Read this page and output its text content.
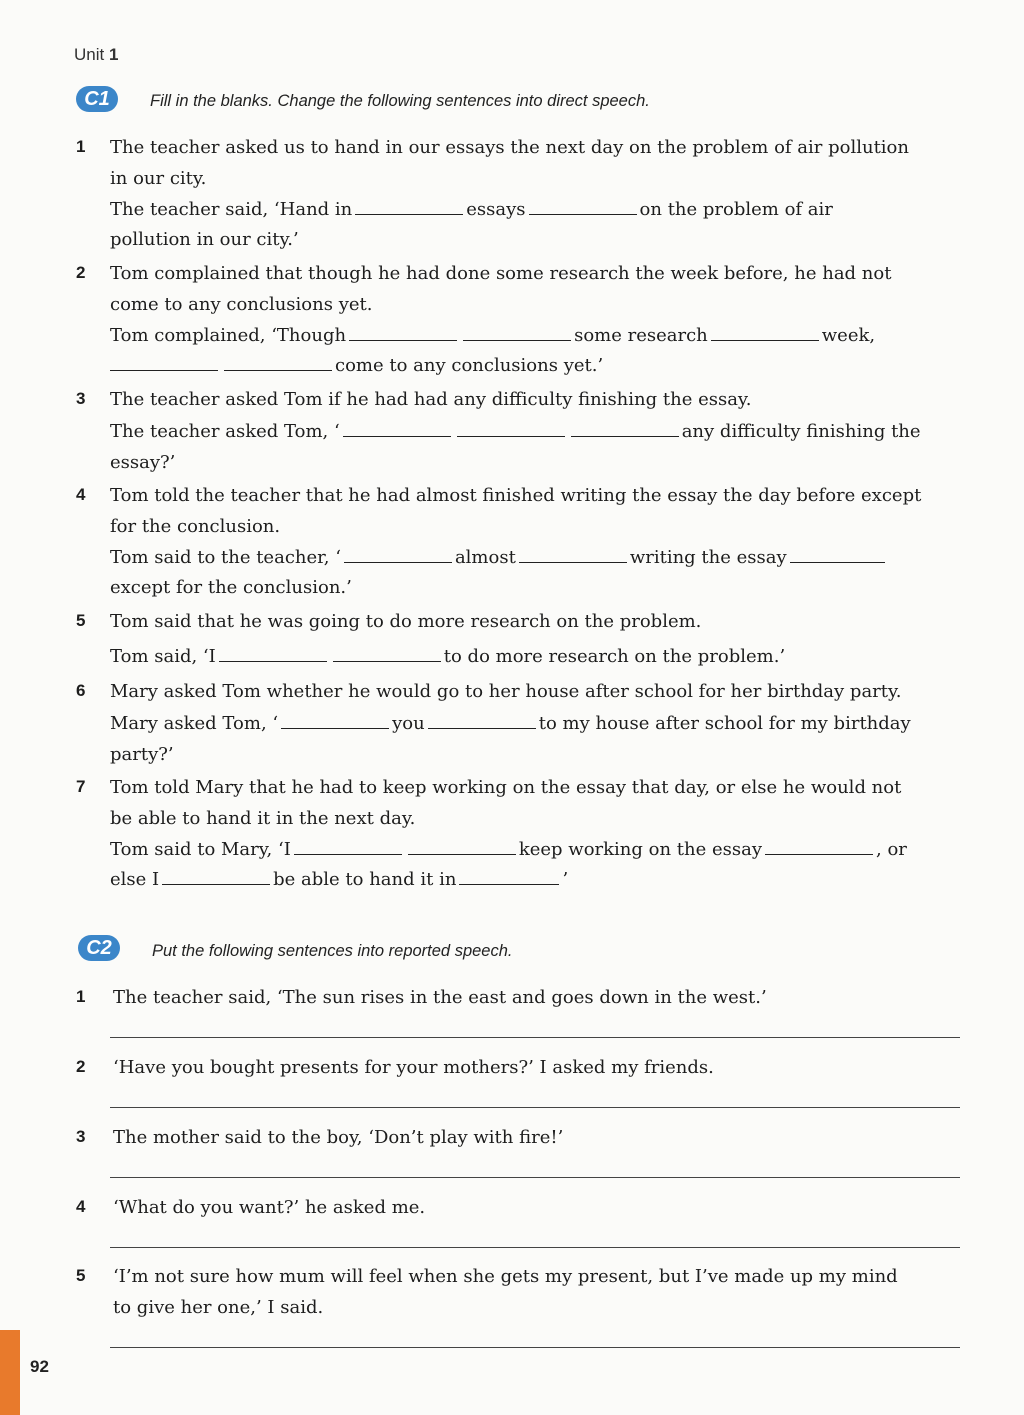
Unit 1
C1	Fill in the blanks. Change the following sentences into direct speech.
1 The teacher asked us to hand in our essays the next day on the problem of air pollution
in our city.
The teacher said, ‘Hand in	essays	on the problem of air
pollution in our city.’
2 Tom complained that though he had done some research the week before, he had not
come to any conclusions yet.
Tom complained, ‘Though	some research	week,
come to any conclusions yet.’
3 The teacher asked Tom if he had had any difficulty finishing the essay.
The teacher asked Tom, ‘	any difficulty finishing the
essay?’
4 Tom told the teacher that he had almost finished writing the essay the day before except
for the conclusion.
Tom said to the teacher, ‘	almost	writing the essay
except for the conclusion.’
5 Tom said that he was going to do more research on the problem.
Tom said, ‘I	to do more research on the problem.’
6 Mary asked Tom whether he would go to her house after school for her birthday party.
Mary asked Tom, ‘	you	to my house after school for my birthday
party?’
7 Tom told Mary that he had to keep working on the essay that day, or else he would not
be able to hand it in the next day.
Tom said to Mary, ‘I	keep working on the essay	, or
else I	be able to hand it in	’
C2	Put the following sentences into reported speech.
1 The teacher said, ‘The sun rises in the east and goes down in the west.’
2 ‘Have you bought presents for your mothers?’ I asked my friends.
3 The mother said to the boy, ‘Don’t play with fire!’
4 ‘What do you want?’ he asked me.
5 ‘I’m not sure how mum will feel when she gets my present, but I’ve made up my mind
to give her one,’ I said.
92
